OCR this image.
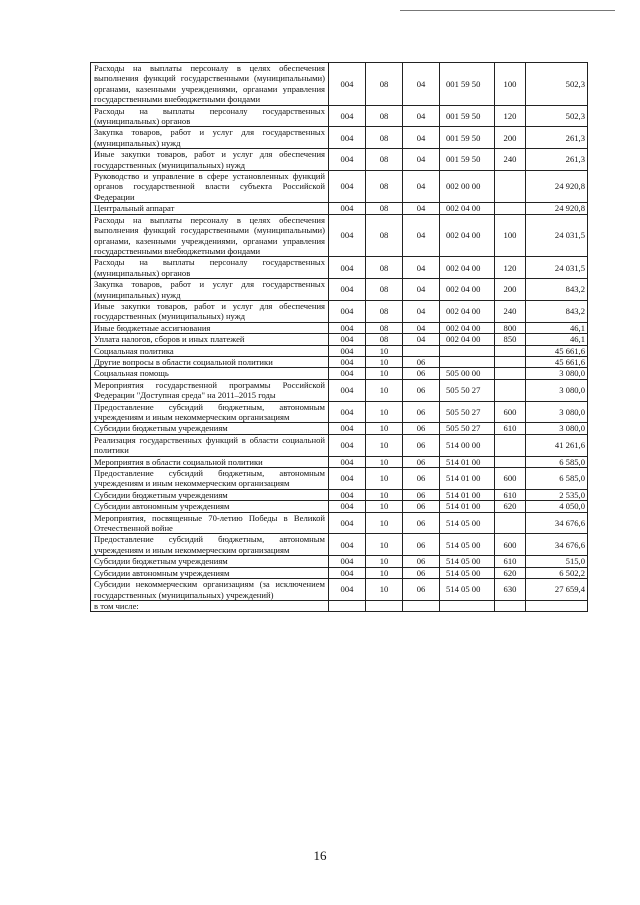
Расходы на выплаты персоналу в целях обеспечения выполнения функций государственными (муниципальными) органами, казенными учреждениями, органами управления государственными внебюджетными фондами	004	08	04	001 59 50	100	502,3
Расходы на выплаты персоналу государственных (муниципальных) органов	004	08	04	001 59 50	120	502,3
Закупка товаров, работ и услуг для государственных (муниципальных) нужд	004	08	04	001 59 50	200	261,3
Иные закупки товаров, работ и услуг для обеспечения государственных (муниципальных) нужд	004	08	04	001 59 50	240	261,3
Руководство и управление в сфере установленных функций органов государственной власти субъекта Российской Федерации	004	08	04	002 00 00		24 920,8
Центральный аппарат	004	08	04	002 04 00		24 920,8
Расходы на выплаты персоналу в целях обеспечения выполнения функций государственными (муниципальными) органами, казенными учреждениями, органами управления государственными внебюджетными фондами	004	08	04	002 04 00	100	24 031,5
Расходы на выплаты персоналу государственных (муниципальных) органов	004	08	04	002 04 00	120	24 031,5
Закупка товаров, работ и услуг для государственных (муниципальных) нужд	004	08	04	002 04 00	200	843,2
Иные закупки товаров, работ и услуг для обеспечения государственных (муниципальных) нужд	004	08	04	002 04 00	240	843,2
Иные бюджетные ассигнования	004	08	04	002 04 00	800	46,1
Уплата налогов, сборов и иных платежей	004	08	04	002 04 00	850	46,1
Социальная политика	004	10				45 661,6
Другие вопросы в области социальной политики	004	10	06			45 661,6
Социальная помощь	004	10	06	505 00 00		3 080,0
Мероприятия государственной программы Российской Федерации "Доступная среда" на 2011–2015 годы	004	10	06	505 50 27		3 080,0
Предоставление субсидий бюджетным, автономным учреждениям и иным некоммерческим организациям	004	10	06	505 50 27	600	3 080,0
Субсидии бюджетным учреждениям	004	10	06	505 50 27	610	3 080,0
Реализация государственных функций в области социальной политики	004	10	06	514 00 00		41 261,6
Мероприятия в области социальной политики	004	10	06	514 01 00		6 585,0
Предоставление субсидий бюджетным, автономным учреждениям и иным некоммерческим организациям	004	10	06	514 01 00	600	6 585,0
Субсидии бюджетным учреждениям	004	10	06	514 01 00	610	2 535,0
Субсидии автономным учреждениям	004	10	06	514 01 00	620	4 050,0
Мероприятия, посвященные 70-летию Победы в Великой Отечественной войне	004	10	06	514 05 00		34 676,6
Предоставление субсидий бюджетным, автономным учреждениям и иным некоммерческим организациям	004	10	06	514 05 00	600	34 676,6
Субсидии бюджетным учреждениям	004	10	06	514 05 00	610	515,0
Субсидии автономным учреждениям	004	10	06	514 05 00	620	6 502,2
Субсидии некоммерческим организациям (за исключением государственных (муниципальных) учреждений)	004	10	06	514 05 00	630	27 659,4
в том числе:						
16
